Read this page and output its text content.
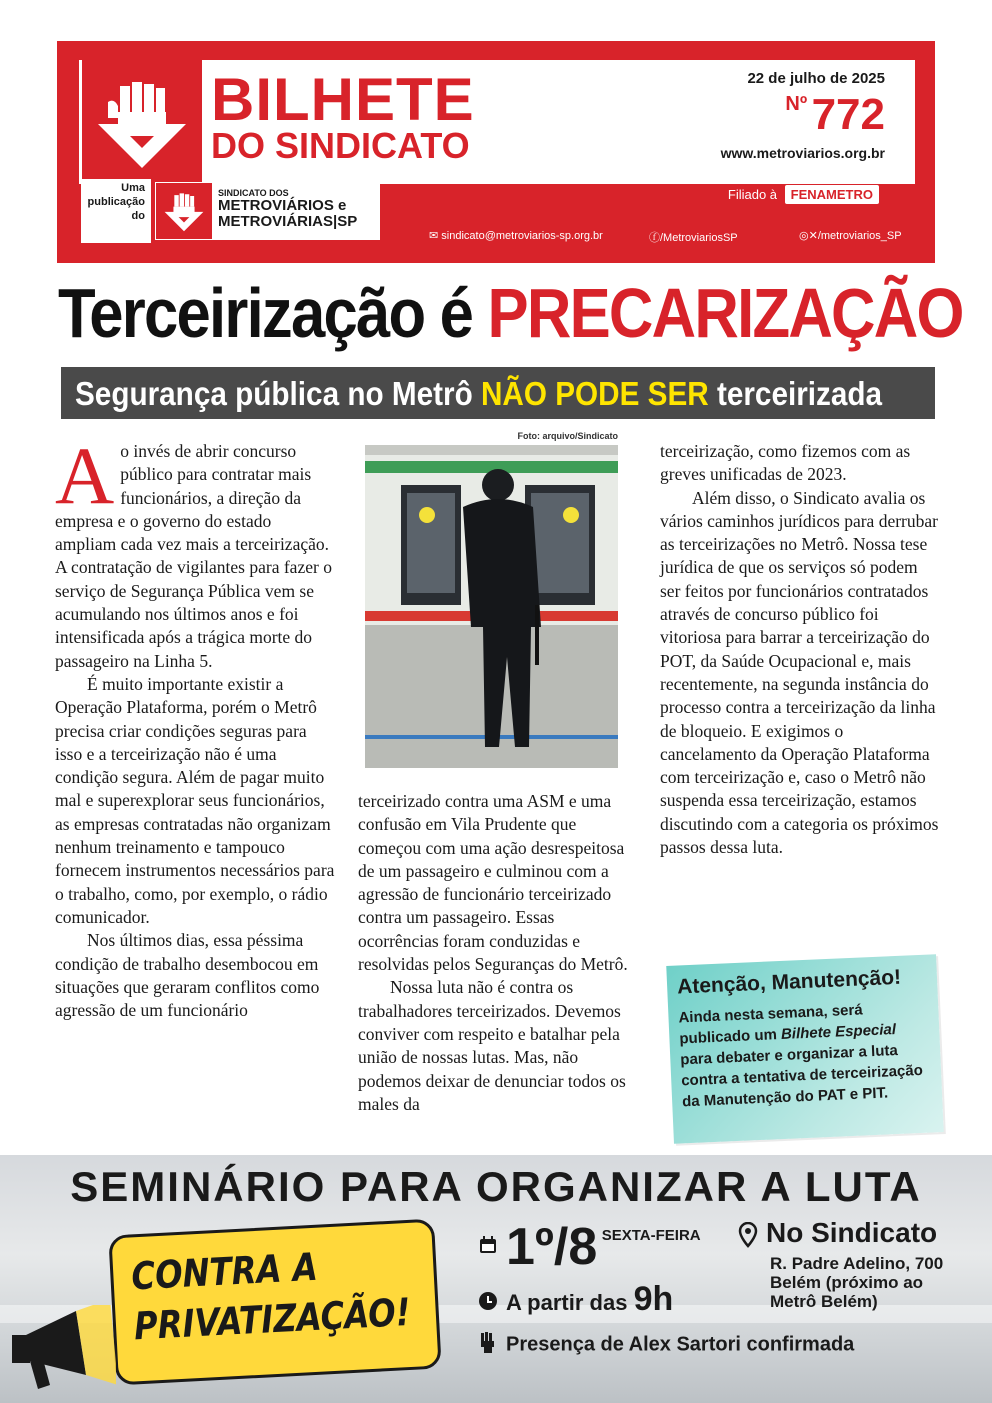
BILHETE
DO SINDICATO
22 de julho de 2025
Nº 772
www.metroviarios.org.br
Uma publicação do
SINDICATO DOS
METROVIÁRIOS e
METROVIÁRIAS|SP
Filiado à FENAMETRO
✉ sindicato@metroviarios-sp.org.br	ⓕ/MetroviariosSP	◎✕/metroviarios_SP
Terceirização é PRECARIZAÇÃO
Segurança pública no Metrô NÃO PODE SER terceirizada

Ao invés de abrir concurso público para contratar mais funcionários, a direção da empresa e o governo do estado ampliam cada vez mais a terceirização. A contratação de vigilantes para fazer o serviço de Segurança Pública vem se acumulando nos últimos anos e foi intensificada após a trágica morte do passageiro na Linha 5.

É muito importante existir a Operação Plataforma, porém o Metrô precisa criar condições seguras para isso e a terceirização não é uma condição segura. Além de pagar muito mal e superexplorar seus funcionários, as empresas contratadas não organizam nenhum treinamento e tampouco fornecem instrumentos necessários para o trabalho, como, por exemplo, o rádio comunicador.

Nos últimos dias, essa péssima condição de trabalho desembocou em situações que geraram conflitos como agressão de um funcionário

Foto: arquivo/Sindicato

terceirizado contra uma ASM e uma confusão em Vila Prudente que começou com uma ação desrespeitosa de um passageiro e culminou com a agressão de funcionário terceirizado contra um passageiro. Essas ocorrências foram conduzidas e resolvidas pelos Seguranças do Metrô.

Nossa luta não é contra os trabalhadores terceirizados. Devemos conviver com respeito e batalhar pela união de nossas lutas. Mas, não podemos deixar de denunciar todos os males da

terceirização, como fizemos com as greves unificadas de 2023.

Além disso, o Sindicato avalia os vários caminhos jurídicos para derrubar as terceirizações no Metrô. Nossa tese jurídica de que os serviços só podem ser feitos por funcionários contratados através de concurso público foi vitoriosa para barrar a terceirização do POT, da Saúde Ocupacional e, mais recentemente, na segunda instância do processo contra a terceirização da linha de bloqueio. E exigimos o cancelamento da Operação Plataforma com terceirização e, caso o Metrô não suspenda essa terceirização, estamos discutindo com a categoria os próximos passos dessa luta.

Atenção, Manutenção!
Ainda nesta semana, será publicado um Bilhete Especial para debater e organizar a luta contra a tentativa de terceirização da Manutenção do PAT e PIT.
SEMINÁRIO PARA ORGANIZAR A LUTA
CONTRA A
PRIVATIZAÇÃO!
1º/8 SEXTA-FEIRA
A partir das 9h
Presença de Alex Sartori confirmada
No Sindicato
R. Padre Adelino, 700
Belém (próximo ao
Metrô Belém)
